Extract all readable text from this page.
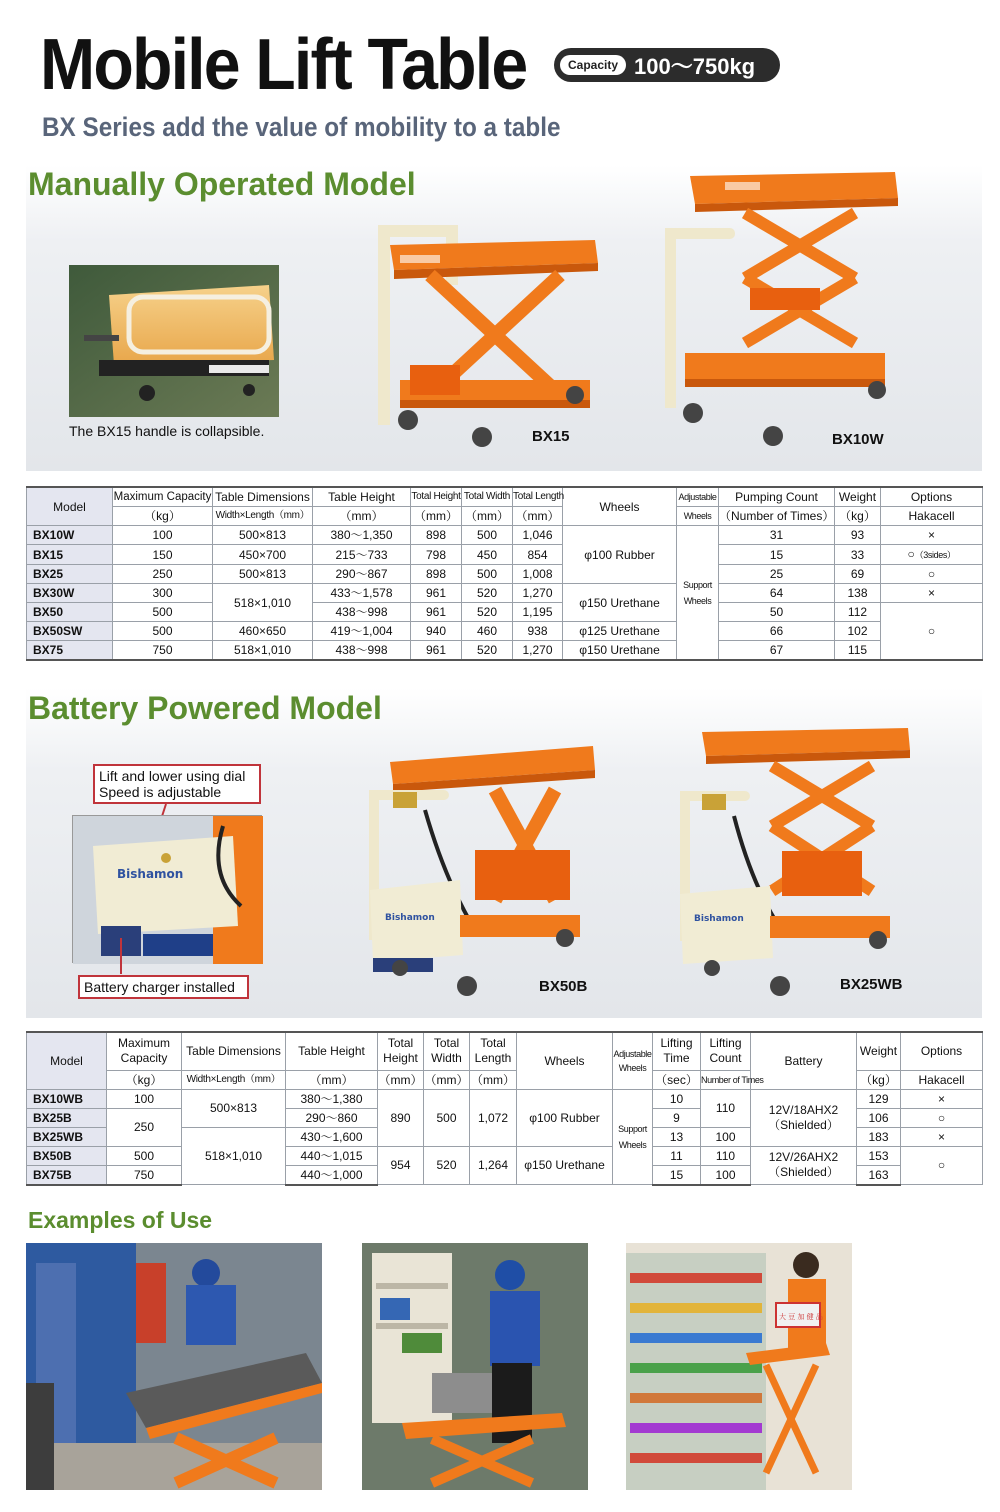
Mobile Lift Table	Capacity 100～750kg
BX Series add the value of mobility to a table
Manually Operated Model
The BX15 handle is collapsible.	BX15	BX10W
Model	Maximum Capacity	Table Dimensions	Table Height	Total Height	Total Width	Total Length	Wheels	Adjustable	Pumping Count	Weight	Options
	（kg）	Width×Length（mm）	（mm）	（mm）	（mm）	（mm）		Wheels	（Number of Times）	（kg）	Hakacell
BX10W	100	500×813	380～1,350	898	500	1,046	φ100 Rubber	Support Wheels	31	93	×
BX15	150	450×700	215～733	798	450	854			15	33	○（3sides）
BX25	250	500×813	290～867	898	500	1,008			25	69	○
BX30W	300	518×1,010	433～1,578	961	520	1,270	φ150 Urethane		64	138	×
BX50	500		438～998	961	520	1,195			50	112	○
BX50SW	500	460×650	419～1,004	940	460	938	φ125 Urethane		66	102	
BX75	750	518×1,010	438～998	961	520	1,270	φ150 Urethane		67	115	
Battery Powered Model
Lift and lower using dial Speed is adjustable
Bishamon
Battery charger installed
Bishamon
BX50B
Bishamon
BX25WB
Model	Maximum Capacity	Table Dimensions	Table Height	Total Height	Total Width	Total Length	Wheels	Adjustable Wheels	Lifting Time	Lifting Count	Battery	Weight	Options
	（kg）	Width×Length（mm）	（mm）	（mm）	（mm）	（mm）			（sec）	Number of Times		（kg）	Hakacell
BX10WB	100	500×813	380～1,380	890	500	1,072	φ100 Rubber	Support Wheels	10	110	12V/18AHX2（Shielded）	129	×
BX25B	250		290～860						9			106	○
BX25WB		518×1,010	430～1,600						13	100		183	×
BX50B	500		440～1,015	954	520	1,264	φ150 Urethane		11	110	12V/26AHX2（Shielded）	153	○
BX75B	750		440～1,000						15	100		163	
Examples of Use
大 豆 加 健 品
